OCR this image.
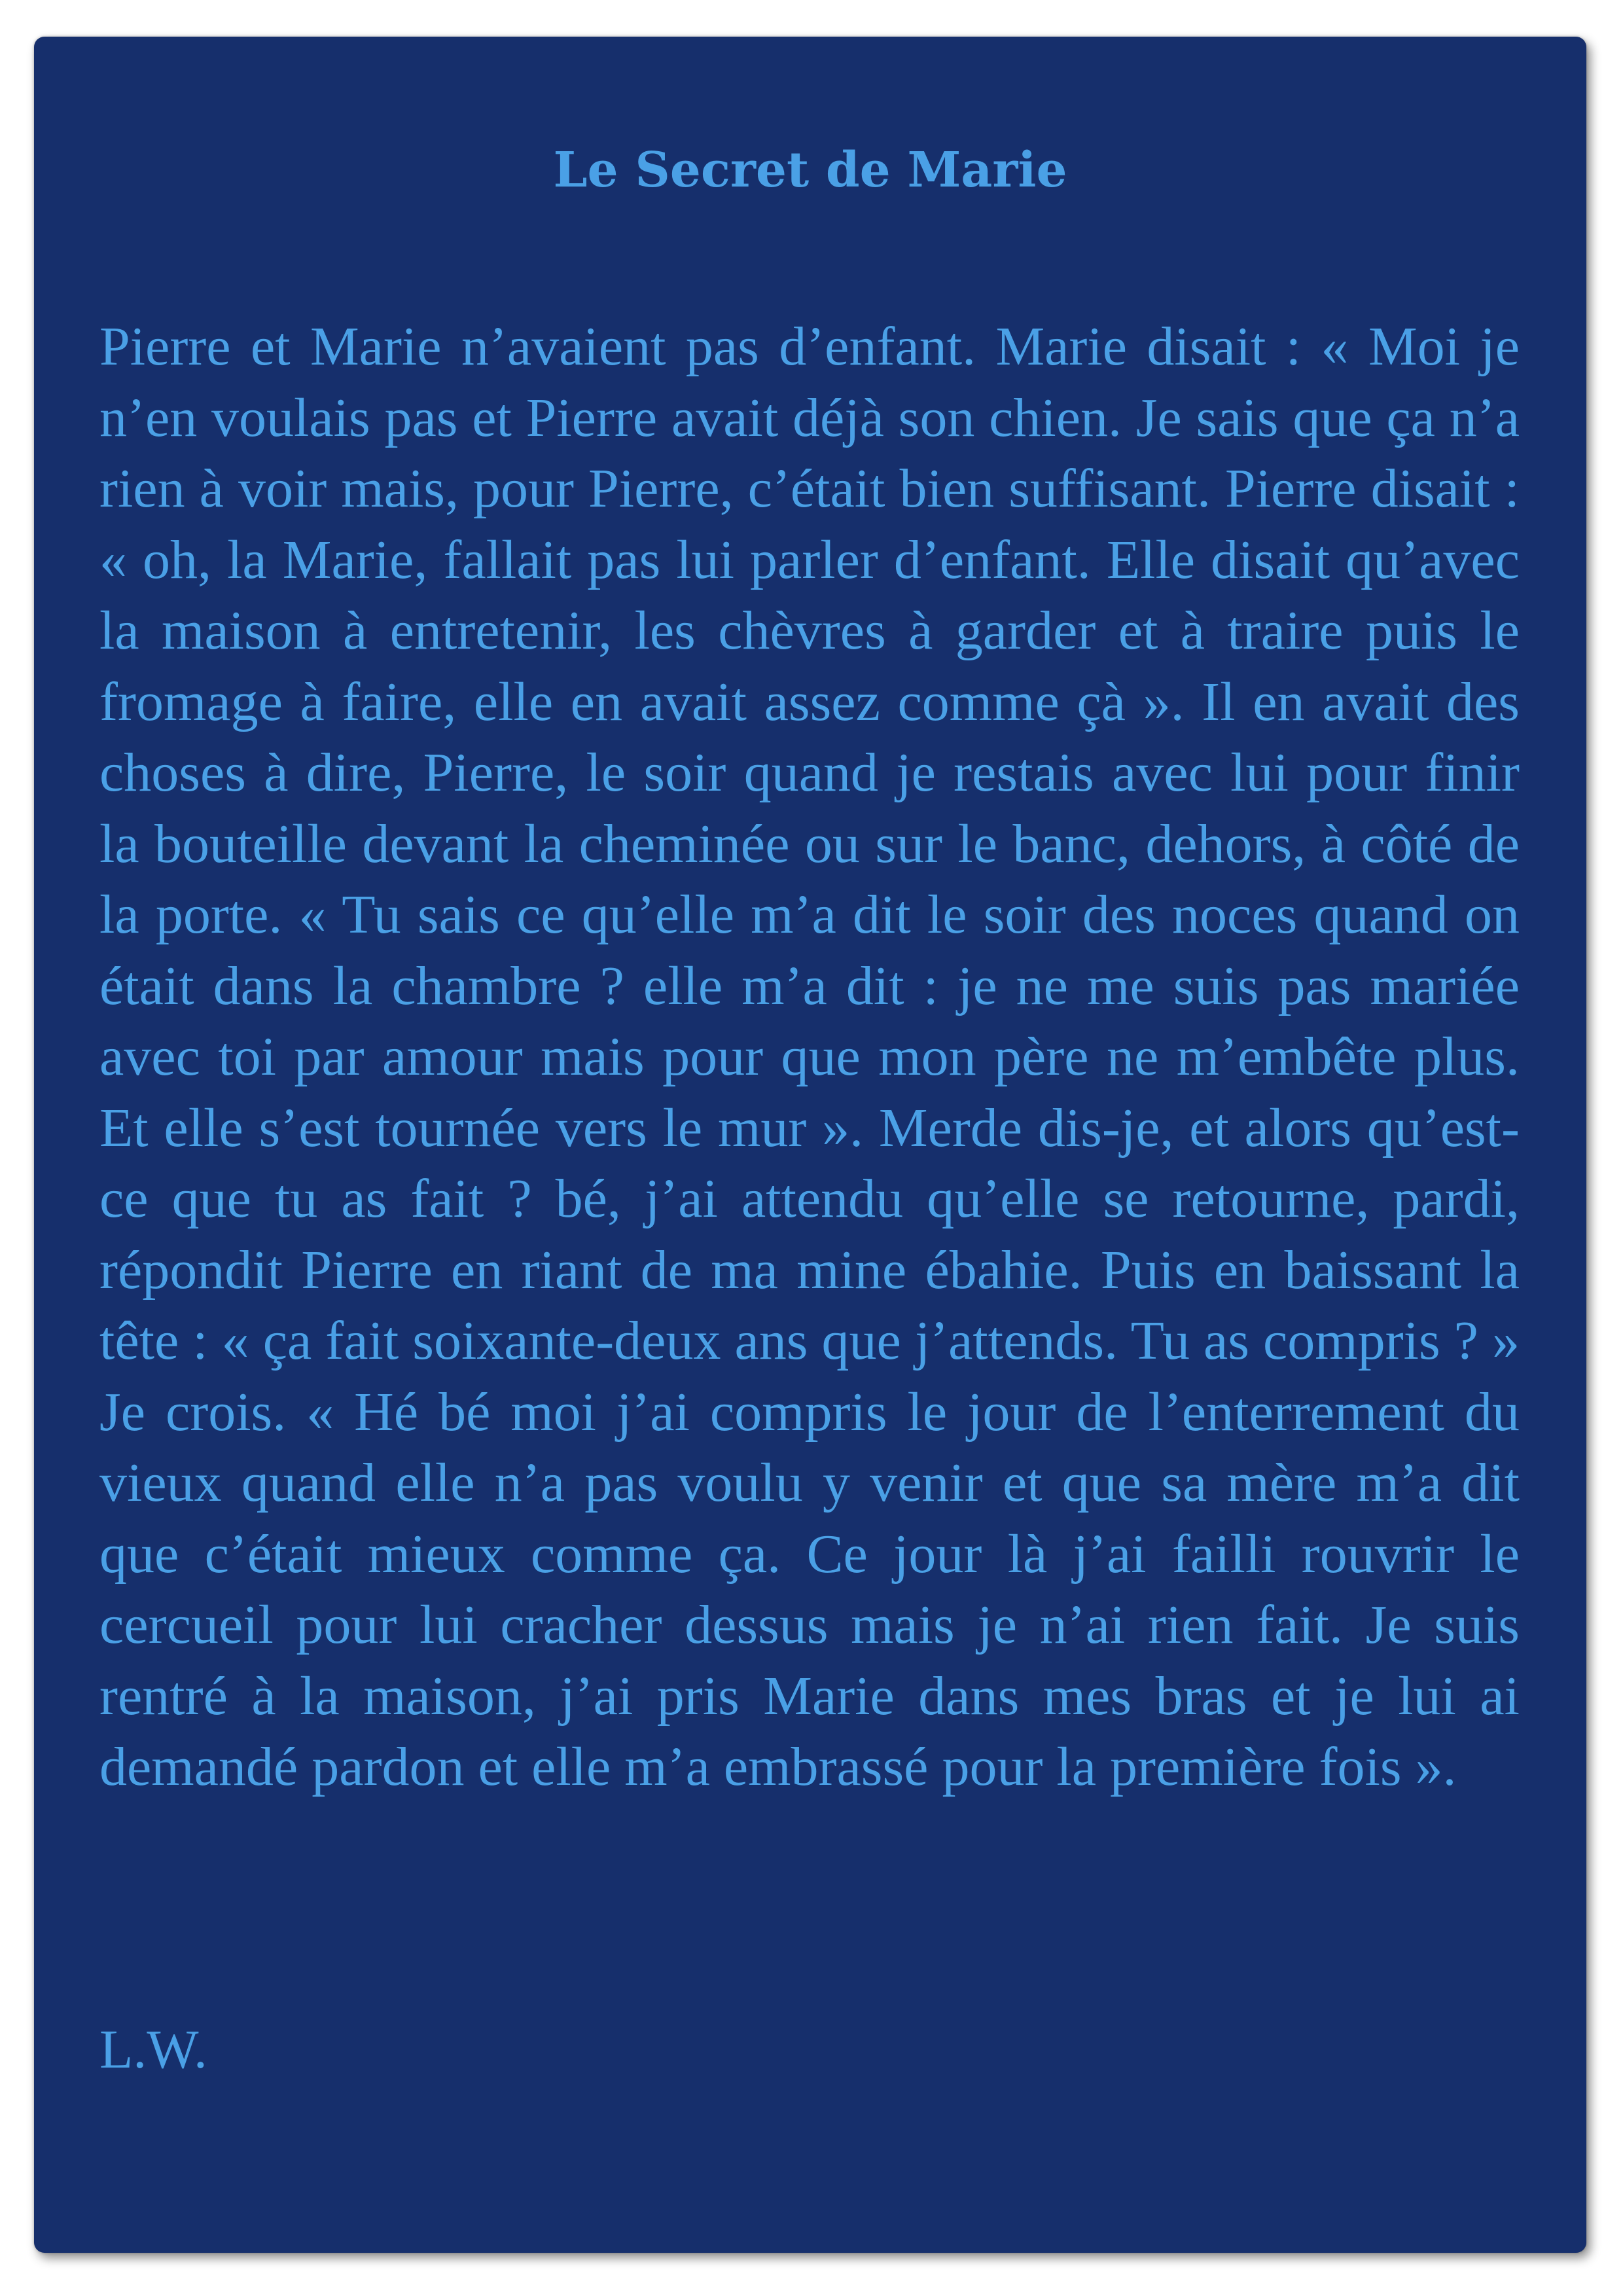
Le Secret de Marie

Pierre et Marie n’avaient pas d’enfant. Marie disait : « Moi je n’en voulais pas et Pierre avait déjà son chien. Je sais que ça n’a rien à voir mais, pour Pierre, c’était bien suffisant. Pierre disait : « oh, la Marie, fallait pas lui parler d’enfant. Elle disait qu’avec la maison à entretenir, les chèvres à garder et à traire puis le fromage à faire, elle en avait assez comme çà ». Il en avait des choses à dire, Pierre, le soir quand je restais avec lui pour finir la bouteille devant la cheminée ou sur le banc, dehors, à côté de la porte. « Tu sais ce qu’elle m’a dit le soir des noces quand on était dans la chambre ? elle m’a dit : je ne me suis pas mariée avec toi par amour mais pour que mon père ne m’embête plus. Et elle s’est tournée vers le mur ». Merde dis-je, et alors qu’est-ce que tu as fait ? bé, j’ai attendu qu’elle se retourne, pardi, répondit Pierre en riant de ma mine ébahie. Puis en baissant la tête : « ça fait soixante-deux ans que j’attends. Tu as compris ? » Je crois. « Hé bé moi j’ai compris le jour de l’enterrement du vieux quand elle n’a pas voulu y venir et que sa mère m’a dit que c’était mieux comme ça. Ce jour là j’ai failli rouvrir le cercueil pour lui cracher dessus mais je n’ai rien fait. Je suis rentré à la maison, j’ai pris Marie dans mes bras et je lui ai demandé pardon et elle m’a embrassé pour la première fois ».

L.W.
